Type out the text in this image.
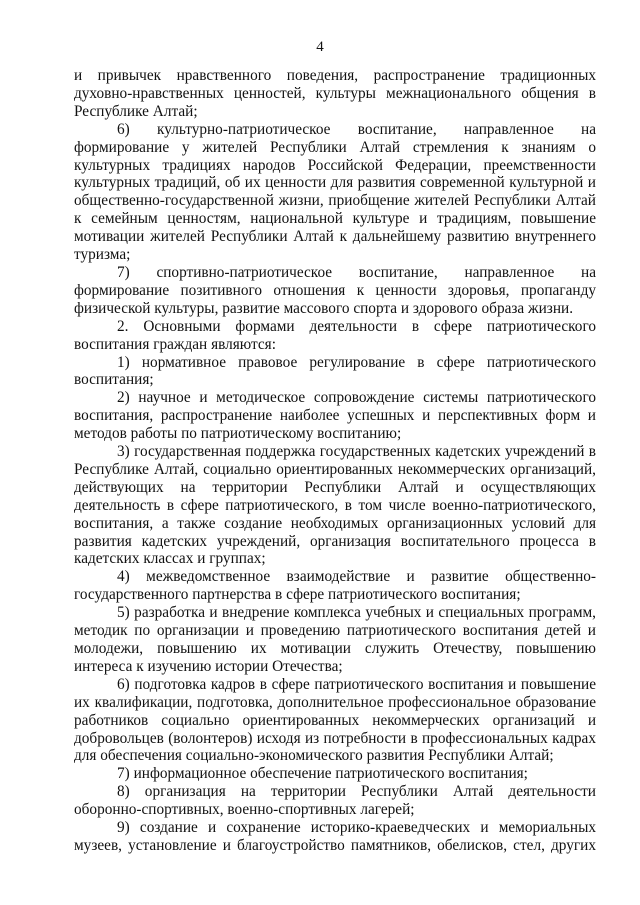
4

и привычек нравственного поведения, распространение традиционных духовно-нравственных ценностей, культуры межнационального общения в Республике Алтай;

6) культурно-патриотическое воспитание, направленное на формирование у жителей Республики Алтай стремления к знаниям о культурных традициях народов Российской Федерации, преемственности культурных традиций, об их ценности для развития современной культурной и общественно-государственной жизни, приобщение жителей Республики Алтай к семейным ценностям, национальной культуре и традициям, повышение мотивации жителей Республики Алтай к дальнейшему развитию внутреннего туризма;

7) спортивно-патриотическое воспитание, направленное на формирование позитивного отношения к ценности здоровья, пропаганду физической культуры, развитие массового спорта и здорового образа жизни.

2. Основными формами деятельности в сфере патриотического воспитания граждан являются:

1) нормативное правовое регулирование в сфере патриотического воспитания;

2) научное и методическое сопровождение системы патриотического воспитания, распространение наиболее успешных и перспективных форм и методов работы по патриотическому воспитанию;

3) государственная поддержка государственных кадетских учреждений в Республике Алтай, социально ориентированных некоммерческих организаций, действующих на территории Республики Алтай и осуществляющих деятельность в сфере патриотического, в том числе военно-патриотического, воспитания, а также создание необходимых организационных условий для развития кадетских учреждений, организация воспитательного процесса в кадетских классах и группах;

4) межведомственное взаимодействие и развитие общественно-государственного партнерства в сфере патриотического воспитания;

5) разработка и внедрение комплекса учебных и специальных программ, методик по организации и проведению патриотического воспитания детей и молодежи, повышению их мотивации служить Отечеству, повышению интереса к изучению истории Отечества;

6) подготовка кадров в сфере патриотического воспитания и повышение их квалификации, подготовка, дополнительное профессиональное образование работников социально ориентированных некоммерческих организаций и добровольцев (волонтеров) исходя из потребности в профессиональных кадрах для обеспечения социально-экономического развития Республики Алтай;

7) информационное обеспечение патриотического воспитания;

8) организация на территории Республики Алтай деятельности оборонно-спортивных, военно-спортивных лагерей;

9) создание и сохранение историко-краеведческих и мемориальных музеев, установление и благоустройство памятников, обелисков, стел, других
